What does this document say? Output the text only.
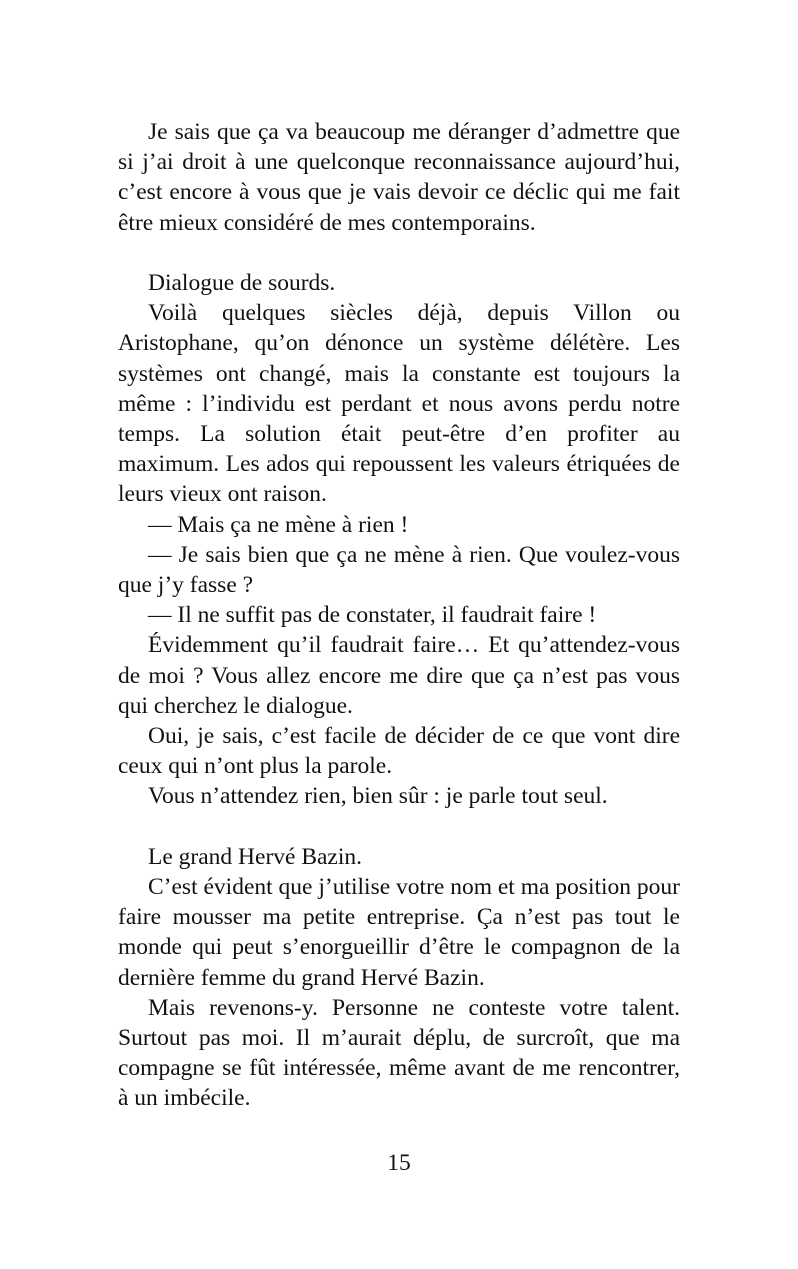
Je sais que ça va beaucoup me déranger d’admettre que si j’ai droit à une quelconque reconnaissance aujourd’hui, c’est encore à vous que je vais devoir ce déclic qui me fait être mieux considéré de mes contemporains.

Dialogue de sourds.

Voilà quelques siècles déjà, depuis Villon ou Aristophane, qu’on dénonce un système délétère. Les systèmes ont changé, mais la constante est toujours la même : l’individu est perdant et nous avons perdu notre temps. La solution était peut-être d’en profiter au maximum. Les ados qui repoussent les valeurs étriquées de leurs vieux ont raison.

— Mais ça ne mène à rien !

— Je sais bien que ça ne mène à rien. Que voulez-vous que j’y fasse ?

— Il ne suffit pas de constater, il faudrait faire !

Évidemment qu’il faudrait faire… Et qu’attendez-vous de moi ? Vous allez encore me dire que ça n’est pas vous qui cherchez le dialogue.

Oui, je sais, c’est facile de décider de ce que vont dire ceux qui n’ont plus la parole.

Vous n’attendez rien, bien sûr : je parle tout seul.

Le grand Hervé Bazin.

C’est évident que j’utilise votre nom et ma position pour faire mousser ma petite entreprise. Ça n’est pas tout le monde qui peut s’enorgueillir d’être le compagnon de la dernière femme du grand Hervé Bazin.

Mais revenons-y. Personne ne conteste votre talent. Surtout pas moi. Il m’aurait déplu, de surcroît, que ma compagne se fût intéressée, même avant de me rencontrer, à un imbécile.

15
